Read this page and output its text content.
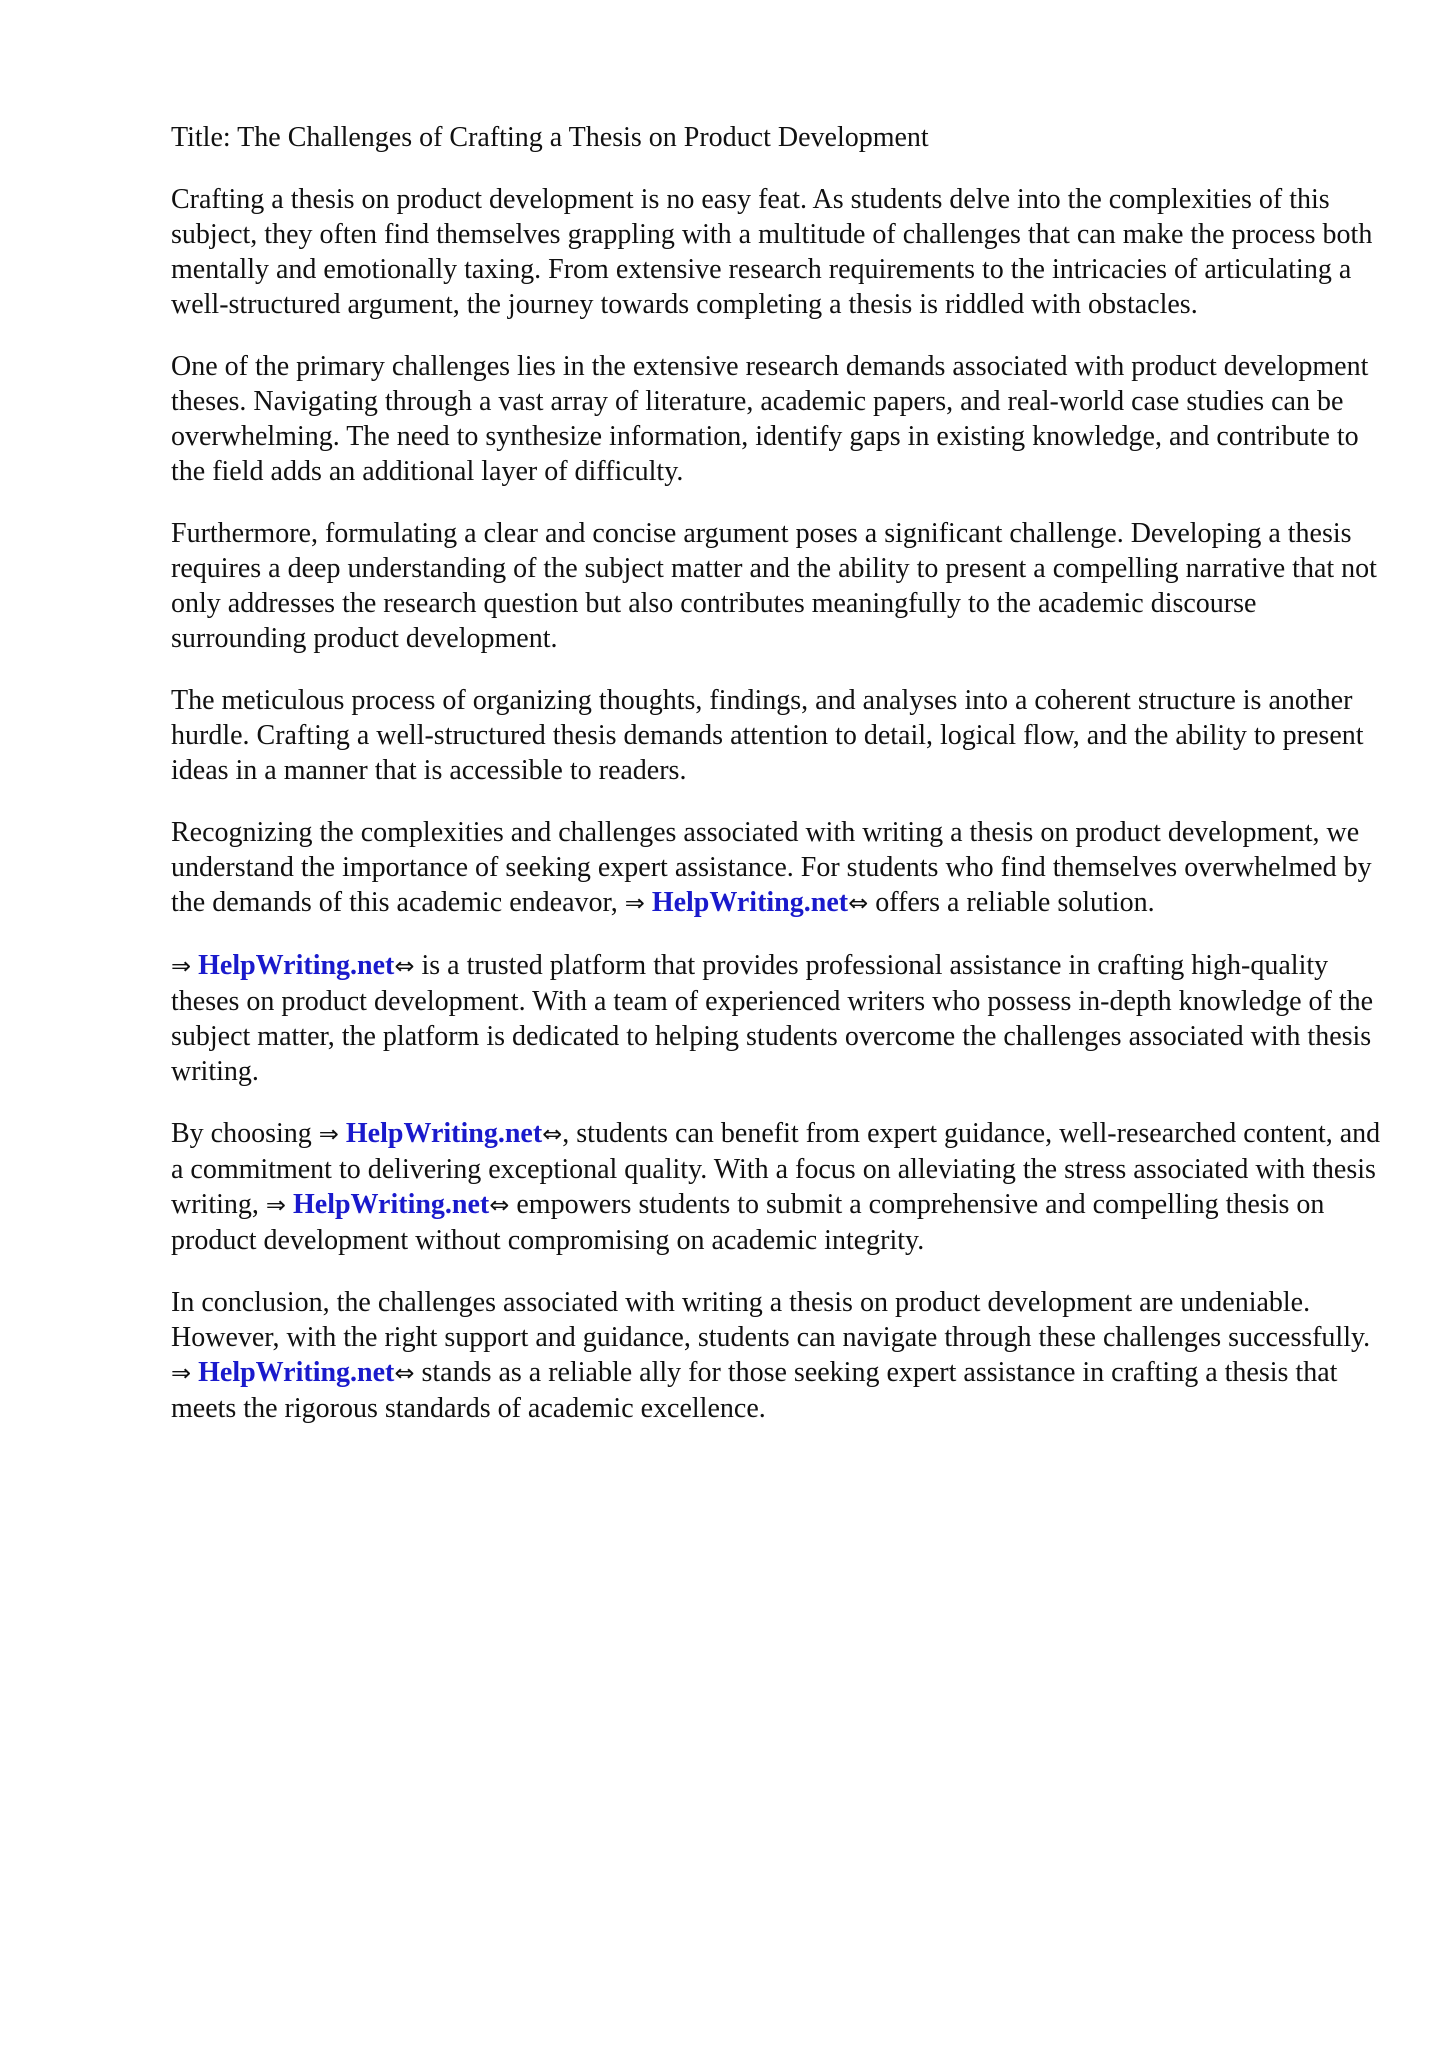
Title: The Challenges of Crafting a Thesis on Product Development

Crafting a thesis on product development is no easy feat. As students delve into the complexities of this subject, they often find themselves grappling with a multitude of challenges that can make the process both mentally and emotionally taxing. From extensive research requirements to the intricacies of articulating a well-structured argument, the journey towards completing a thesis is riddled with obstacles.

One of the primary challenges lies in the extensive research demands associated with product development theses. Navigating through a vast array of literature, academic papers, and real-world case studies can be overwhelming. The need to synthesize information, identify gaps in existing knowledge, and contribute to the field adds an additional layer of difficulty.

Furthermore, formulating a clear and concise argument poses a significant challenge. Developing a thesis requires a deep understanding of the subject matter and the ability to present a compelling narrative that not only addresses the research question but also contributes meaningfully to the academic discourse surrounding product development.

The meticulous process of organizing thoughts, findings, and analyses into a coherent structure is another hurdle. Crafting a well-structured thesis demands attention to detail, logical flow, and the ability to present ideas in a manner that is accessible to readers.

Recognizing the complexities and challenges associated with writing a thesis on product development, we understand the importance of seeking expert assistance. For students who find themselves overwhelmed by the demands of this academic endeavor, ⇒ HelpWriting.net⇔ offers a reliable solution.

⇒ HelpWriting.net⇔ is a trusted platform that provides professional assistance in crafting high-quality theses on product development. With a team of experienced writers who possess in-depth knowledge of the subject matter, the platform is dedicated to helping students overcome the challenges associated with thesis writing.

By choosing ⇒ HelpWriting.net⇔, students can benefit from expert guidance, well-researched content, and a commitment to delivering exceptional quality. With a focus on alleviating the stress associated with thesis writing, ⇒ HelpWriting.net⇔ empowers students to submit a comprehensive and compelling thesis on product development without compromising on academic integrity.

In conclusion, the challenges associated with writing a thesis on product development are undeniable. However, with the right support and guidance, students can navigate through these challenges successfully. ⇒ HelpWriting.net⇔ stands as a reliable ally for those seeking expert assistance in crafting a thesis that meets the rigorous standards of academic excellence.
